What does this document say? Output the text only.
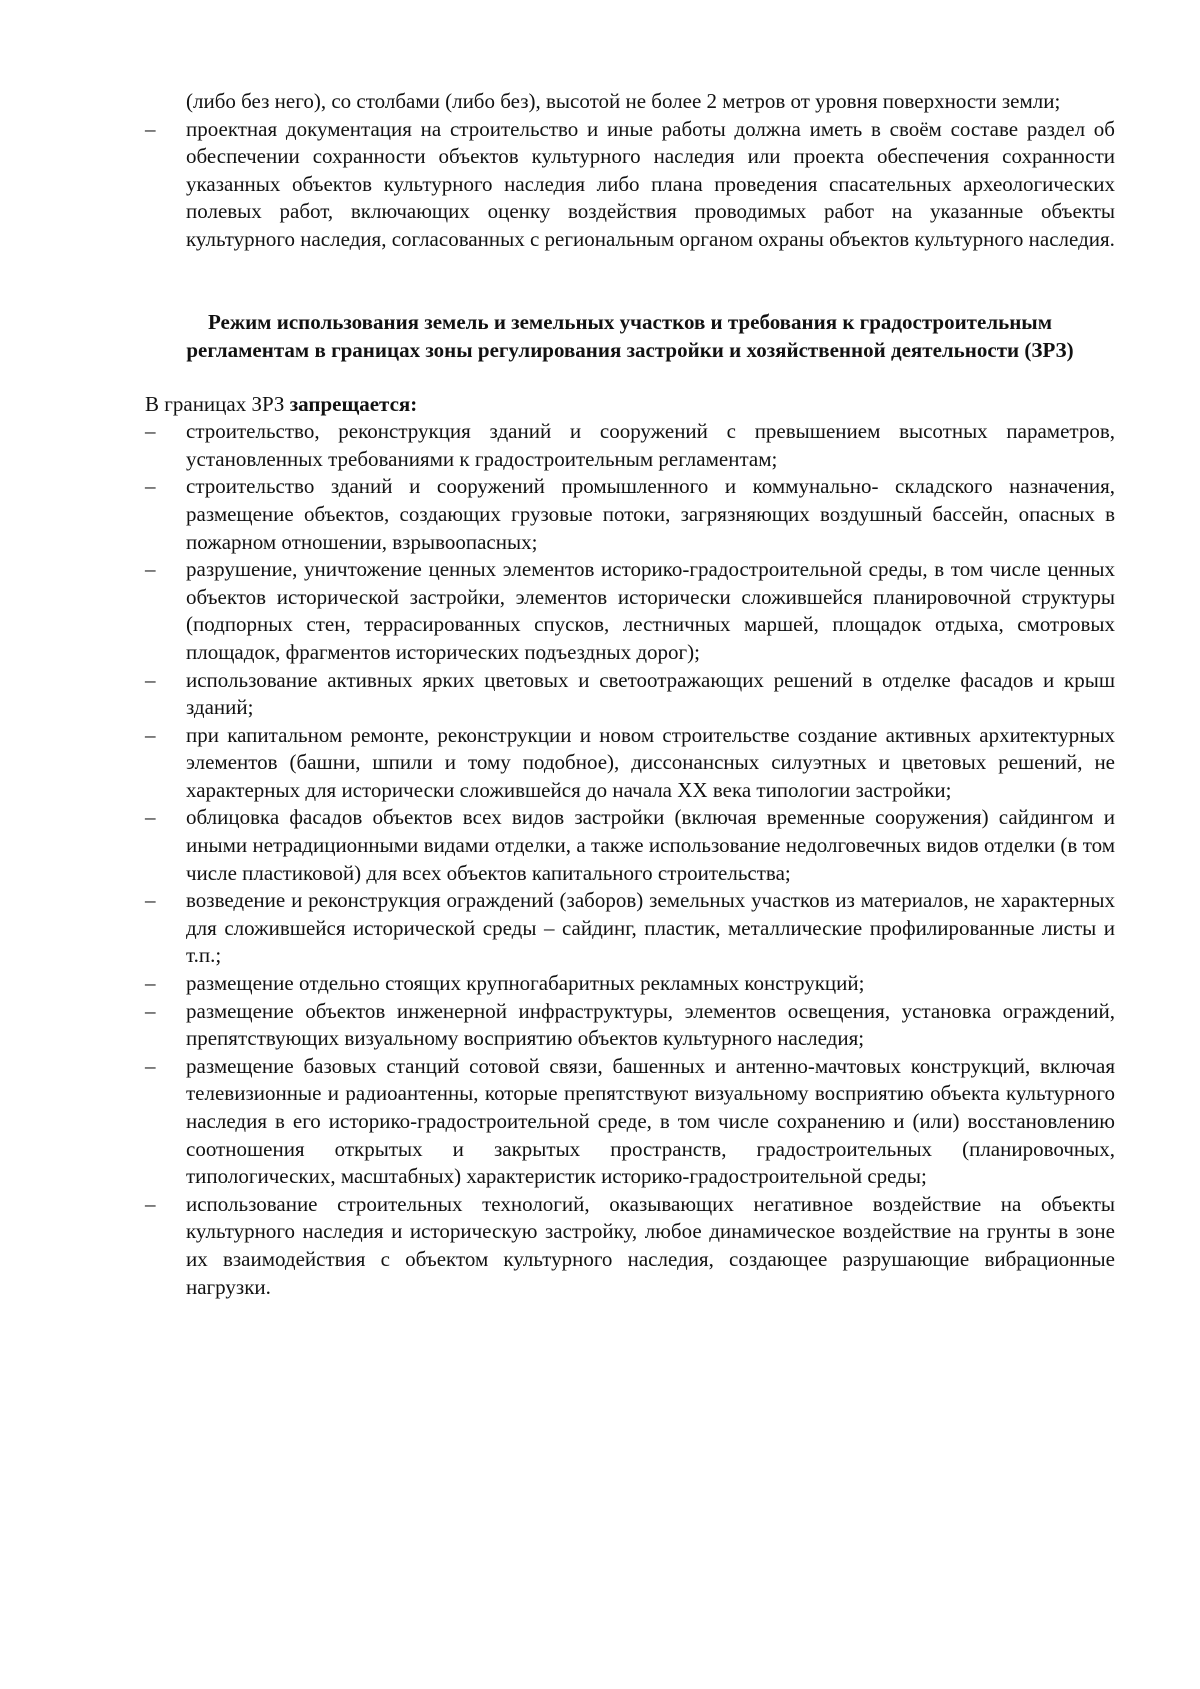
(либо без него), со столбами (либо без), высотой не более 2 метров от уровня поверхности земли;
– проектная документация на строительство и иные работы должна иметь в своём составе раздел об обеспечении сохранности объектов культурного наследия или проекта обеспечения сохранности указанных объектов культурного наследия либо плана проведения спасательных археологических полевых работ, включающих оценку воздействия проводимых работ на указанные объекты культурного наследия, согласованных с региональным органом охраны объектов культурного наследия.
Режим использования земель и земельных участков и требования к градостроительным регламентам в границах зоны регулирования застройки и хозяйственной деятельности (ЗРЗ)

В границах ЗРЗ запрещается:

– строительство, реконструкция зданий и сооружений с превышением высотных параметров, установленных требованиями к градостроительным регламентам;
– строительство зданий и сооружений промышленного и коммунально- складского назначения, размещение объектов, создающих грузовые потоки, загрязняющих воздушный бассейн, опасных в пожарном отношении, взрывоопасных;
– разрушение, уничтожение ценных элементов историко-градостроительной среды, в том числе ценных объектов исторической застройки, элементов исторически сложившейся планировочной структуры (подпорных стен, террасированных спусков, лестничных маршей, площадок отдыха, смотровых площадок, фрагментов исторических подъездных дорог);
– использование активных ярких цветовых и светоотражающих решений в отделке фасадов и крыш зданий;
– при капитальном ремонте, реконструкции и новом строительстве создание активных архитектурных элементов (башни, шпили и тому подобное), диссонансных силуэтных и цветовых решений, не характерных для исторически сложившейся до начала XX века типологии застройки;
– облицовка фасадов объектов всех видов застройки (включая временные сооружения) сайдингом и иными нетрадиционными видами отделки, а также использование недолговечных видов отделки (в том числе пластиковой) для всех объектов капитального строительства;
– возведение и реконструкция ограждений (заборов) земельных участков из материалов, не характерных для сложившейся исторической среды – сайдинг, пластик, металлические профилированные листы и т.п.;
– размещение отдельно стоящих крупногабаритных рекламных конструкций;
– размещение объектов инженерной инфраструктуры, элементов освещения, установка ограждений, препятствующих визуальному восприятию объектов культурного наследия;
– размещение базовых станций сотовой связи, башенных и антенно-мачтовых конструкций, включая телевизионные и радиоантенны, которые препятствуют визуальному восприятию объекта культурного наследия в его историко-градостроительной среде, в том числе сохранению и (или) восстановлению соотношения открытых и закрытых пространств, градостроительных (планировочных, типологических, масштабных) характеристик историко-градостроительной среды;
– использование строительных технологий, оказывающих негативное воздействие на объекты культурного наследия и историческую застройку, любое динамическое воздействие на грунты в зоне их взаимодействия с объектом культурного наследия, создающее разрушающие вибрационные нагрузки.
